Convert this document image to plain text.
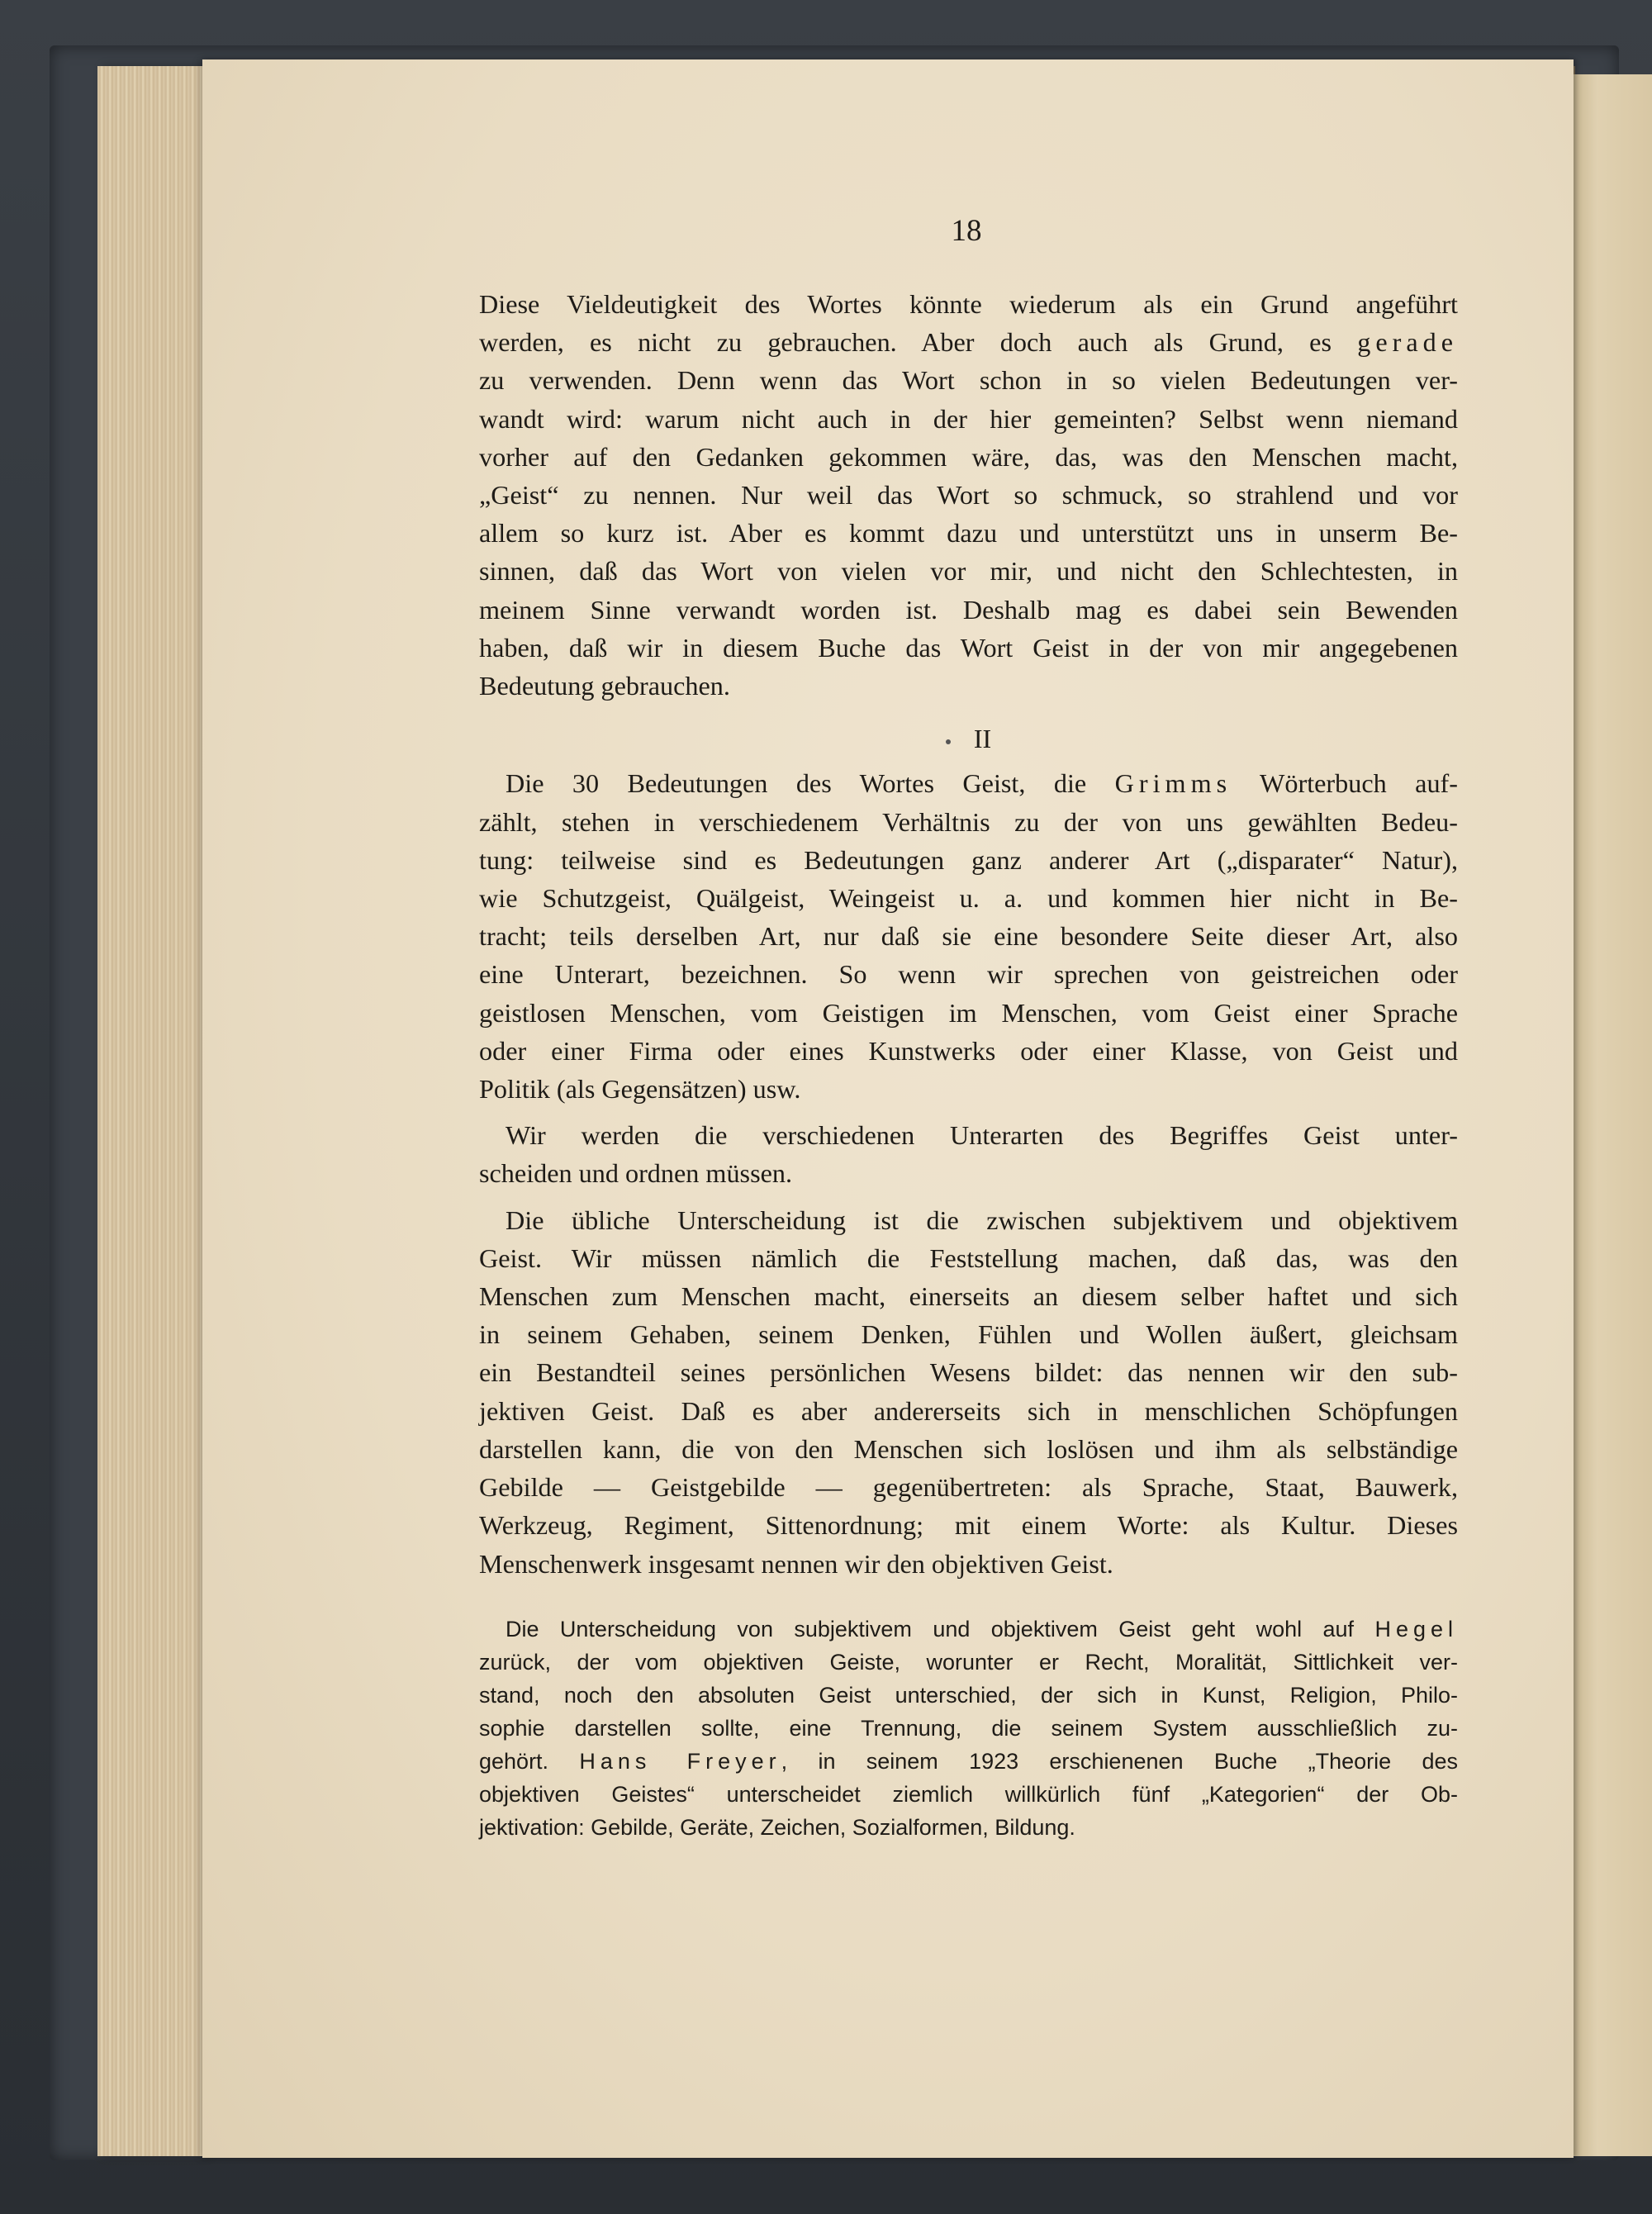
18

Diese Vieldeutigkeit des Wortes könnte wiederum als ein Grund angeführt

werden, es nicht zu gebrauchen. Aber doch auch als Grund, es gerade

zu verwenden. Denn wenn das Wort schon in so vielen Bedeutungen ver-

wandt wird: warum nicht auch in der hier gemeinten? Selbst wenn niemand

vorher auf den Gedanken gekommen wäre, das, was den Menschen macht,

„Geist“ zu nennen. Nur weil das Wort so schmuck, so strahlend und vor

allem so kurz ist. Aber es kommt dazu und unterstützt uns in unserm Be-

sinnen, daß das Wort von vielen vor mir, und nicht den Schlechtesten, in

meinem Sinne verwandt worden ist. Deshalb mag es dabei sein Bewenden

haben, daß wir in diesem Buche das Wort Geist in der von mir angegebenen

Bedeutung gebrauchen.

II

Die 30 Bedeutungen des Wortes Geist, die Grimms Wörterbuch auf-

zählt, stehen in verschiedenem Verhältnis zu der von uns gewählten Bedeu-

tung: teilweise sind es Bedeutungen ganz anderer Art („disparater“ Natur),

wie Schutzgeist, Quälgeist, Weingeist u. a. und kommen hier nicht in Be-

tracht; teils derselben Art, nur daß sie eine besondere Seite dieser Art, also

eine Unterart, bezeichnen. So wenn wir sprechen von geistreichen oder

geistlosen Menschen, vom Geistigen im Menschen, vom Geist einer Sprache

oder einer Firma oder eines Kunstwerks oder einer Klasse, von Geist und

Politik (als Gegensätzen) usw.

Wir werden die verschiedenen Unterarten des Begriffes Geist unter-

scheiden und ordnen müssen.

Die übliche Unterscheidung ist die zwischen subjektivem und objektivem

Geist. Wir müssen nämlich die Feststellung machen, daß das, was den

Menschen zum Menschen macht, einerseits an diesem selber haftet und sich

in seinem Gehaben, seinem Denken, Fühlen und Wollen äußert, gleichsam

ein Bestandteil seines persönlichen Wesens bildet: das nennen wir den sub-

jektiven Geist. Daß es aber andererseits sich in menschlichen Schöpfungen

darstellen kann, die von den Menschen sich loslösen und ihm als selbständige

Gebilde — Geistgebilde — gegenübertreten: als Sprache, Staat, Bauwerk,

Werkzeug, Regiment, Sittenordnung; mit einem Worte: als Kultur. Dieses

Menschenwerk insgesamt nennen wir den objektiven Geist.

Die Unterscheidung von subjektivem und objektivem Geist geht wohl auf Hegel
zurück, der vom objektiven Geiste, worunter er Recht, Moralität, Sittlichkeit ver-
stand, noch den absoluten Geist unterschied, der sich in Kunst, Religion, Philo-
sophie darstellen sollte, eine Trennung, die seinem System ausschließlich zu-
gehört. Hans Freyer, in seinem 1923 erschienenen Buche „Theorie des
objektiven Geistes“ unterscheidet ziemlich willkürlich fünf „Kategorien“ der Ob-
jektivation: Gebilde, Geräte, Zeichen, Sozialformen, Bildung.
